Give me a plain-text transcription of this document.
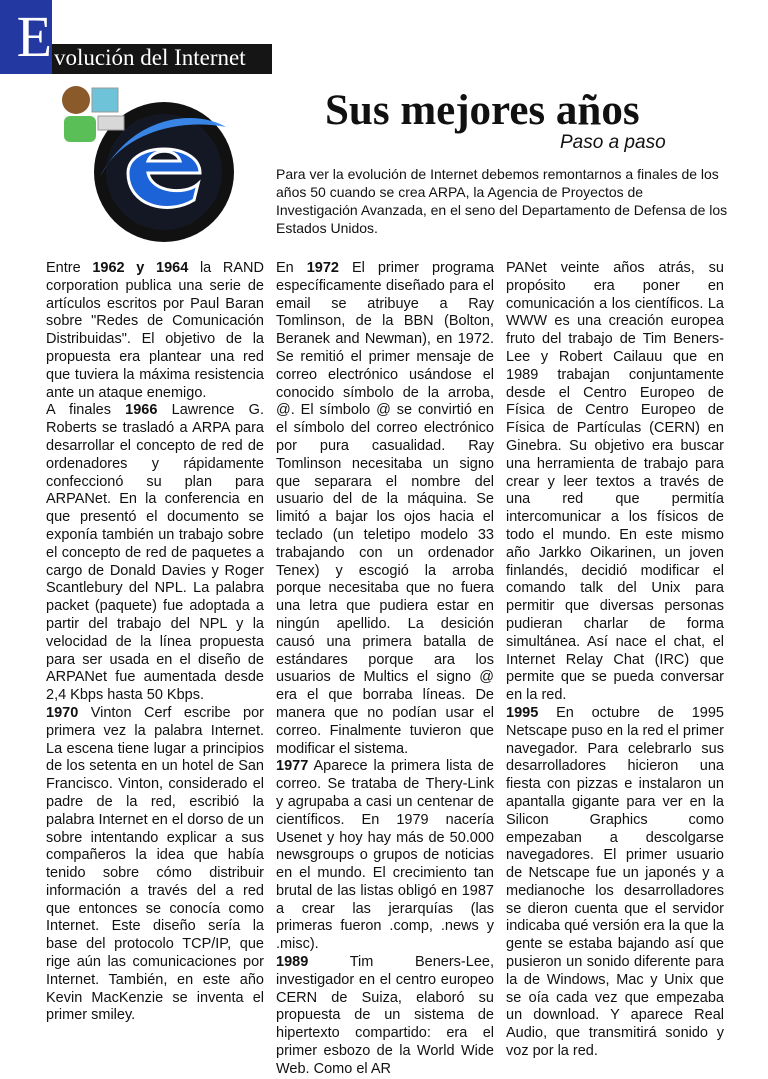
E volución del Internet
Sus mejores años
Paso a paso

Para ver la evolución de Internet debemos remontarnos a finales de los años 50 cuando se crea ARPA, la Agencia de Proyectos de Investigación Avanzada, en el seno del Departamento de Defensa de los Estados Unidos.

Entre 1962 y 1964 la RAND corporation publica una serie de artículos escritos por Paul Baran sobre "Redes de Comunicación Distribuidas". El objetivo de la propuesta era plantear una red que tuviera la máxima resistencia ante un ataque enemigo.

A finales 1966 Lawrence G. Roberts se trasladó a ARPA para desarrollar el concepto de red de ordenadores y rápidamente confeccionó su plan para ARPANet. En la conferencia en que presentó el documento se exponía también un trabajo sobre el concepto de red de paquetes a cargo de Donald Davies y Roger Scantlebury del NPL. La palabra packet (paquete) fue adoptada a partir del trabajo del NPL y la velocidad de la línea propuesta para ser usada en el diseño de ARPANet fue aumentada desde 2,4 Kbps hasta 50 Kbps.

1970 Vinton Cerf escribe por primera vez la palabra Internet. La escena tiene lugar a principios de los setenta en un hotel de San Francisco. Vinton, considerado el padre de la red, escribió la palabra Internet en el dorso de un sobre intentando explicar a sus compañeros la idea que había tenido sobre cómo distribuir información a través del a red que entonces se conocía como Internet. Este diseño sería la base del protocolo TCP/IP, que rige aún las comunicaciones por Internet. También, en este año Kevin MacKenzie se inventa el primer smiley.

En 1972 El primer programa específicamente diseñado para el email se atribuye a Ray Tomlinson, de la BBN (Bolton, Beranek and Newman), en 1972. Se remitió el primer mensaje de correo electrónico usándose el conocido símbolo de la arroba, @. El símbolo @ se convirtió en el símbolo del correo electrónico por pura casualidad. Ray Tomlinson necesitaba un signo que separara el nombre del usuario del de la máquina. Se limitó a bajar los ojos hacia el teclado (un teletipo modelo 33 trabajando con un ordenador Tenex) y escogió la arroba porque necesitaba que no fuera una letra que pudiera estar en ningún apellido. La desición causó una primera batalla de estándares porque ara los usuarios de Multics el signo @ era el que borraba líneas. De manera que no podían usar el correo. Finalmente tuvieron que modificar el sistema.

1977 Aparece la primera lista de correo. Se trataba de Thery-Link y agrupaba a casi un centenar de científicos. En 1979 nacería Usenet y hoy hay más de 50.000 newsgroups o grupos de noticias en el mundo. El crecimiento tan brutal de las listas obligó en 1987 a crear las jerarquías (las primeras fueron .comp, .news y .misc).

1989 Tim Beners-Lee, investigador en el centro europeo CERN de Suiza, elaboró su propuesta de un sistema de hipertexto compartido: era el primer esbozo de la World Wide Web. Como el AR

PANet veinte años atrás, su propósito era poner en comunicación a los científicos. La WWW es una creación europea fruto del trabajo de Tim Beners-Lee y Robert Cailauu que en 1989 trabajan conjuntamente desde el Centro Europeo de Física de Centro Europeo de Física de Partículas (CERN) en Ginebra. Su objetivo era buscar una herramienta de trabajo para crear y leer textos a través de una red que permitía intercomunicar a los físicos de todo el mundo. En este mismo año Jarkko Oikarinen, un joven finlandés, decidió modificar el comando talk del Unix para permitir que diversas personas pudieran charlar de forma simultánea. Así nace el chat, el Internet Relay Chat (IRC) que permite que se pueda conversar en la red.

1995 En octubre de 1995 Netscape puso en la red el primer navegador. Para celebrarlo sus desarrolladores hicieron una fiesta con pizzas e instalaron un apantalla gigante para ver en la Silicon Graphics como empezaban a descolgarse navegadores. El primer usuario de Netscape fue un japonés y a medianoche los desarrolladores se dieron cuenta que el servidor indicaba qué versión era la que la gente se estaba bajando así que pusieron un sonido diferente para la de Windows, Mac y Unix que se oía cada vez que empezaba un download. Y aparece Real Audio, que transmitirá sonido y voz por la red.
